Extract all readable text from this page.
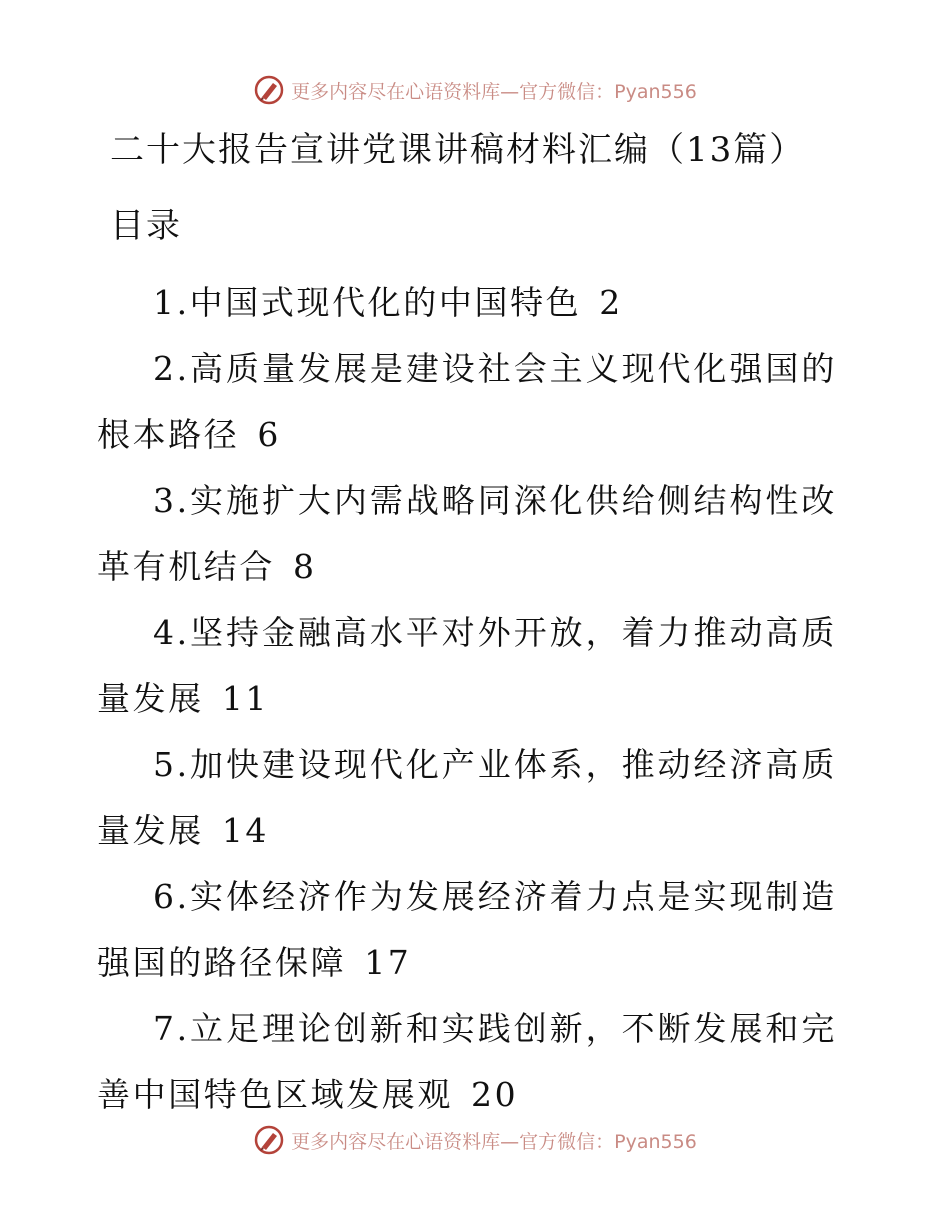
更多内容尽在心语资料库—官方微信：Pyan556
二十大报告宣讲党课讲稿材料汇编（13篇）
目录
1.中国式现代化的中国特色 2
2.高质量发展是建设社会主义现代化强国的根本路径 6
3.实施扩大内需战略同深化供给侧结构性改革有机结合 8
4.坚持金融高水平对外开放，着力推动高质量发展 11
5.加快建设现代化产业体系，推动经济高质量发展 14
6.实体经济作为发展经济着力点是实现制造强国的路径保障 17
7.立足理论创新和实践创新，不断发展和完善中国特色区域发展观 20
更多内容尽在心语资料库—官方微信：Pyan556
